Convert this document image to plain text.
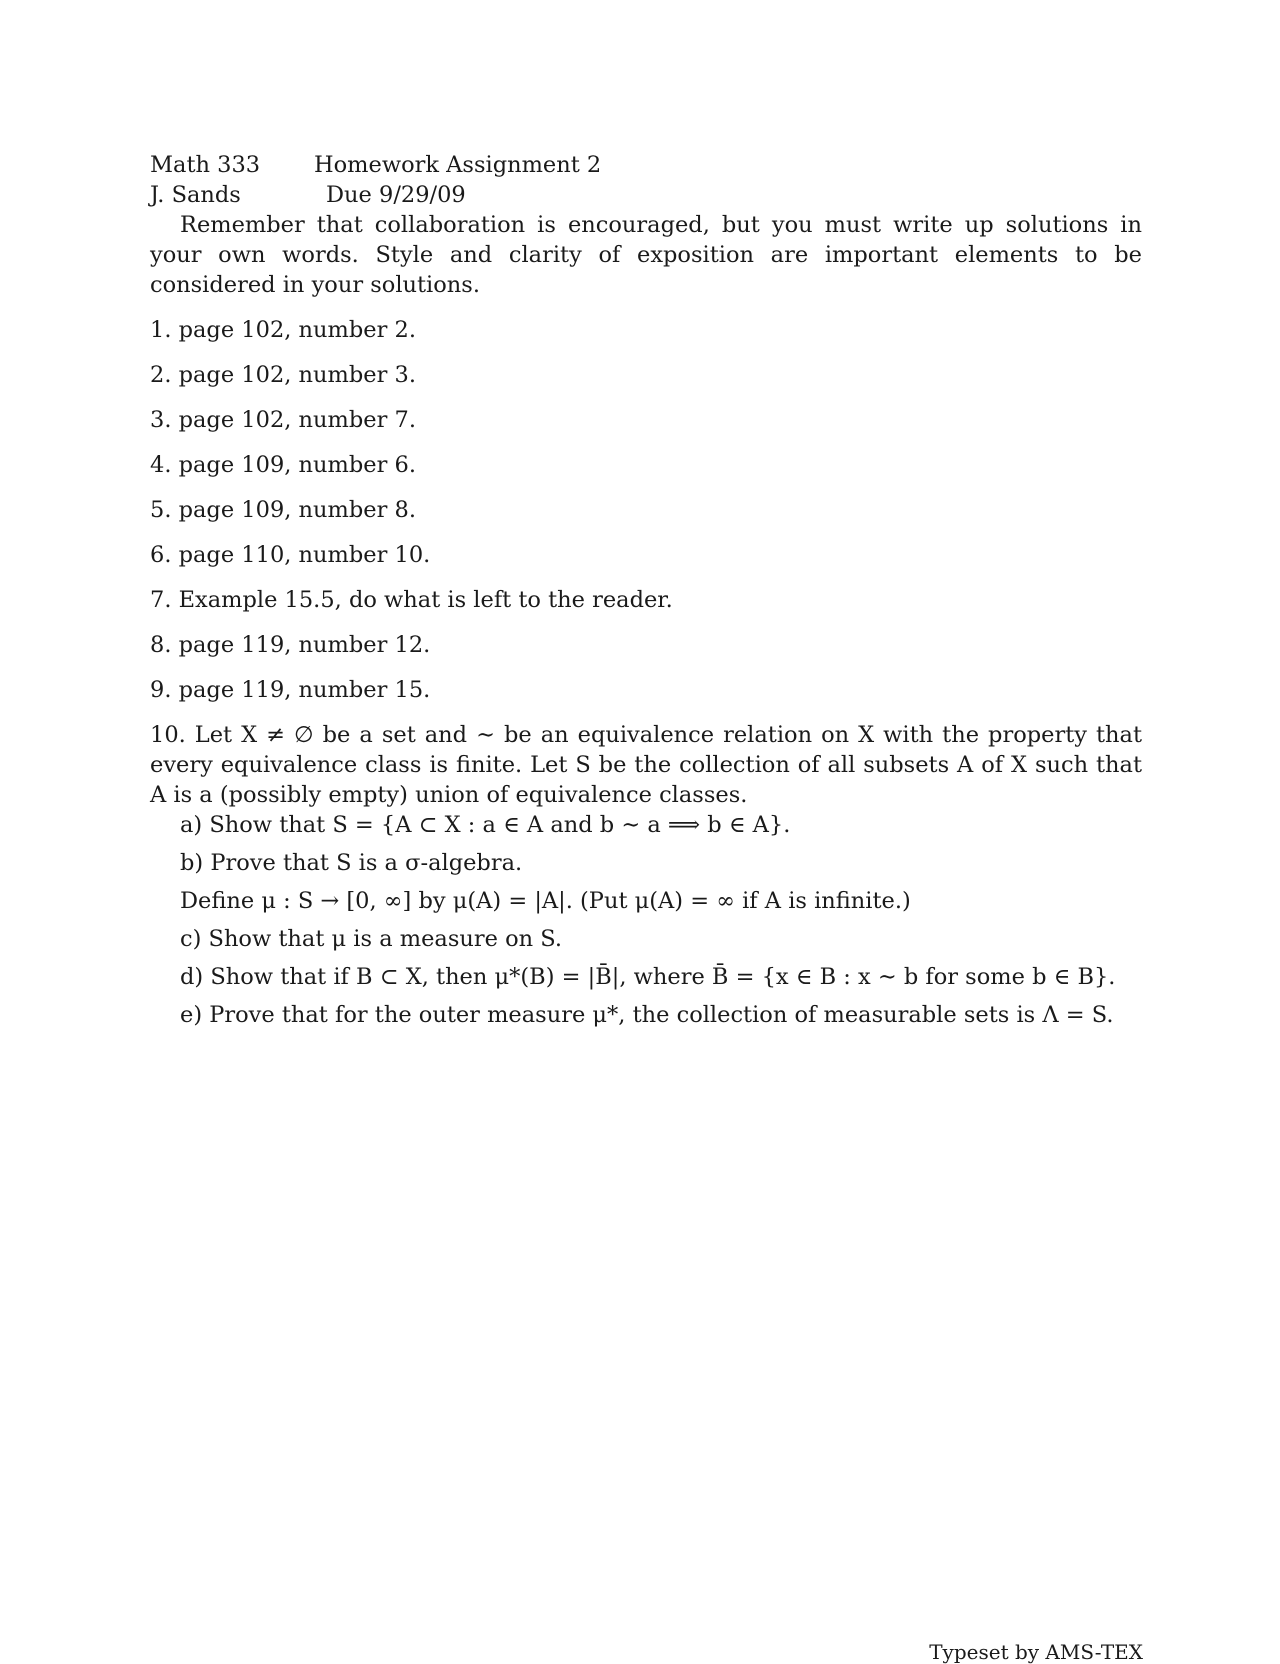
Math 333	Homework Assignment 2
J. Sands	Due 9/29/09

Remember that collaboration is encouraged, but you must write up solutions in your own words. Style and clarity of exposition are important elements to be considered in your solutions.

1. page 102, number 2.
2. page 102, number 3.
3. page 102, number 7.
4. page 109, number 6.
5. page 109, number 8.
6. page 110, number 10.
7. Example 15.5, do what is left to the reader.
8. page 119, number 12.
9. page 119, number 15.
10. Let X ≠ ∅ be a set and ∼ be an equivalence relation on X with the property that every equivalence class is finite. Let S be the collection of all subsets A of X such that A is a (possibly empty) union of equivalence classes.
a) Show that S = {A ⊂ X : a ∈ A and b ∼ a ⟹ b ∈ A}.
b) Prove that S is a σ-algebra.
Define μ : S → [0, ∞] by μ(A) = |A|. (Put μ(A) = ∞ if A is infinite.)
c) Show that μ is a measure on S.
d) Show that if B ⊂ X, then μ*(B) = |B̄|, where B̄ = {x ∈ B : x ∼ b for some b ∈ B}.
e) Prove that for the outer measure μ*, the collection of measurable sets is Λ = S.
Typeset by AMS-TEX
